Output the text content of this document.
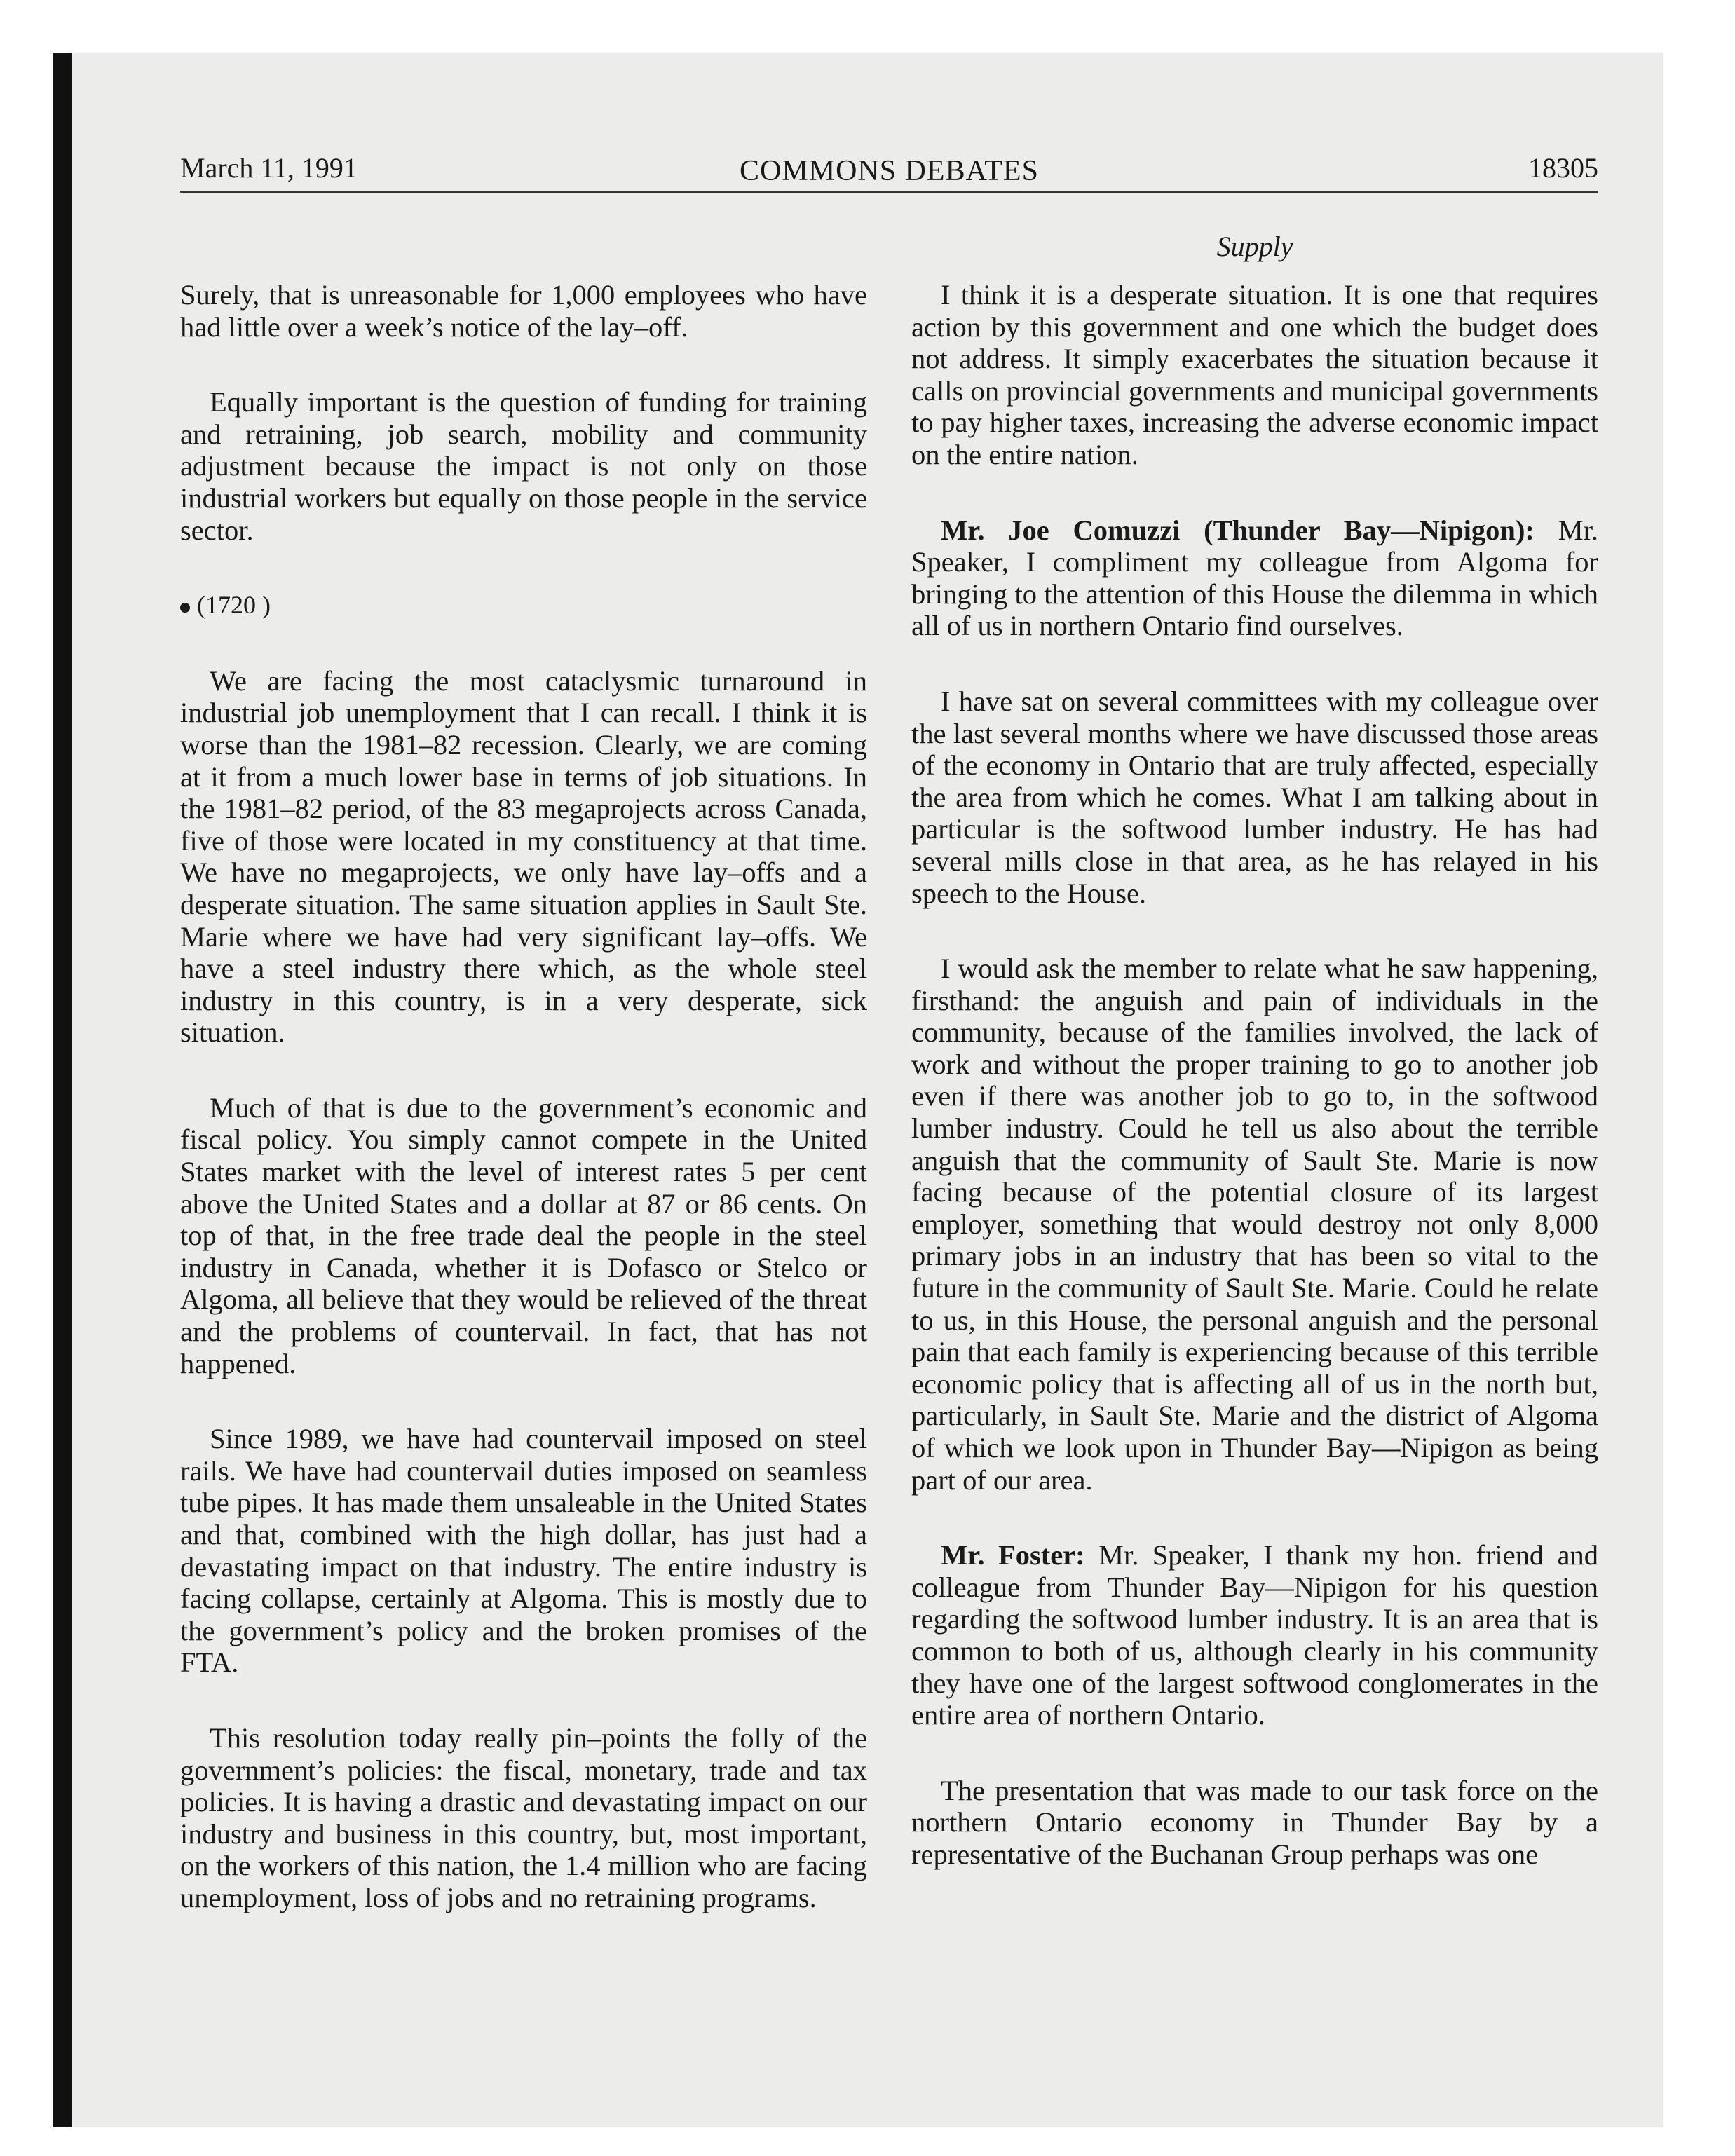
March 11, 1991	COMMONS DEBATES	18305
Supply

Surely, that is unreasonable for 1,000 employees who have had little over a week’s notice of the lay–off.

Equally important is the question of funding for training and retraining, job search, mobility and community adjustment because the impact is not only on those industrial workers but equally on those people in the service sector.

(1720 )

We are facing the most cataclysmic turnaround in industrial job unemployment that I can recall. I think it is worse than the 1981–82 recession. Clearly, we are coming at it from a much lower base in terms of job situations. In the 1981–82 period, of the 83 megaprojects across Canada, five of those were located in my constituency at that time. We have no megaprojects, we only have lay–offs and a desperate situation. The same situation applies in Sault Ste. Marie where we have had very significant lay–offs. We have a steel industry there which, as the whole steel industry in this country, is in a very desperate, sick situation.

Much of that is due to the government’s economic and fiscal policy. You simply cannot compete in the United States market with the level of interest rates 5 per cent above the United States and a dollar at 87 or 86 cents. On top of that, in the free trade deal the people in the steel industry in Canada, whether it is Dofasco or Stelco or Algoma, all believe that they would be relieved of the threat and the problems of countervail. In fact, that has not happened.

Since 1989, we have had countervail imposed on steel rails. We have had countervail duties imposed on seamless tube pipes. It has made them unsaleable in the United States and that, combined with the high dollar, has just had a devastating impact on that industry. The entire industry is facing collapse, certainly at Algoma. This is mostly due to the government’s policy and the broken promises of the FTA.

This resolution today really pin–points the folly of the government’s policies: the fiscal, monetary, trade and tax policies. It is having a drastic and devastating impact on our industry and business in this country, but, most important, on the workers of this nation, the 1.4 million who are facing unemployment, loss of jobs and no retraining programs.

I think it is a desperate situation. It is one that requires action by this government and one which the budget does not address. It simply exacerbates the situation because it calls on provincial governments and municipal governments to pay higher taxes, increasing the adverse economic impact on the entire nation.

Mr. Joe Comuzzi (Thunder Bay—Nipigon): Mr. Speaker, I compliment my colleague from Algoma for bringing to the attention of this House the dilemma in which all of us in northern Ontario find ourselves.

I have sat on several committees with my colleague over the last several months where we have discussed those areas of the economy in Ontario that are truly affected, especially the area from which he comes. What I am talking about in particular is the softwood lumber industry. He has had several mills close in that area, as he has relayed in his speech to the House.

I would ask the member to relate what he saw happening, firsthand: the anguish and pain of individuals in the community, because of the families involved, the lack of work and without the proper training to go to another job even if there was another job to go to, in the softwood lumber industry. Could he tell us also about the terrible anguish that the community of Sault Ste. Marie is now facing because of the potential closure of its largest employer, something that would destroy not only 8,000 primary jobs in an industry that has been so vital to the future in the community of Sault Ste. Marie. Could he relate to us, in this House, the personal anguish and the personal pain that each family is experiencing because of this terrible economic policy that is affecting all of us in the north but, particularly, in Sault Ste. Marie and the district of Algoma of which we look upon in Thunder Bay—Nipigon as being part of our area.

Mr. Foster: Mr. Speaker, I thank my hon. friend and colleague from Thunder Bay—Nipigon for his question regarding the softwood lumber industry. It is an area that is common to both of us, although clearly in his community they have one of the largest softwood conglomerates in the entire area of northern Ontario.

The presentation that was made to our task force on the northern Ontario economy in Thunder Bay by a representative of the Buchanan Group perhaps was one
